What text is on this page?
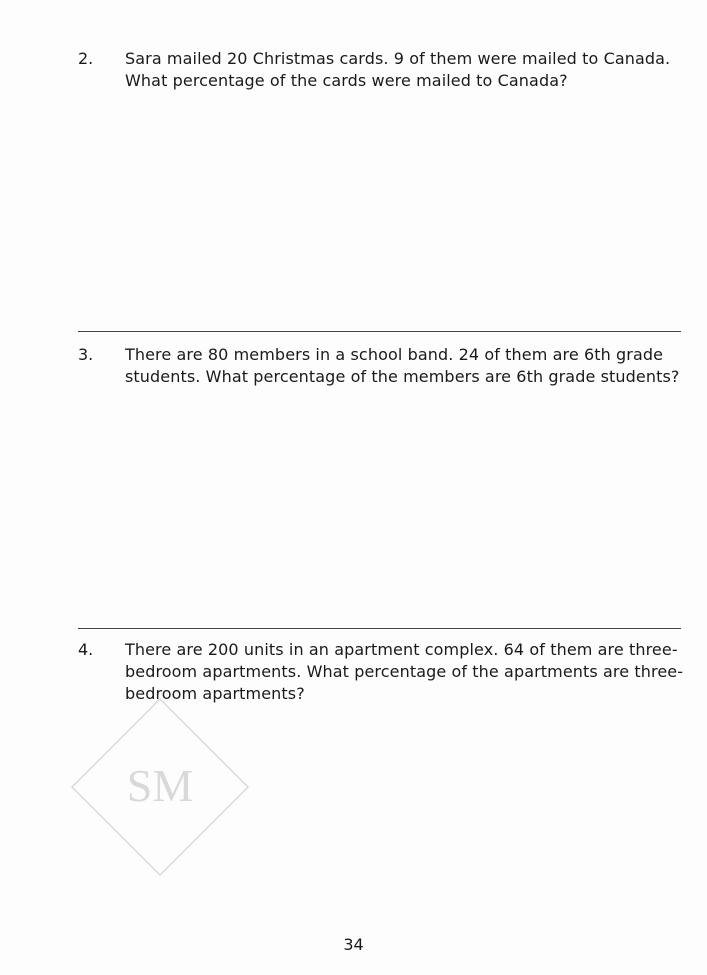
2. Sara mailed 20 Christmas cards. 9 of them were mailed to Canada.
What percentage of the cards were mailed to Canada?
3. There are 80 members in a school band. 24 of them are 6th grade
students. What percentage of the members are 6th grade students?
4. There are 200 units in an apartment complex. 64 of them are three-
bedroom apartments. What percentage of the apartments are three-
bedroom apartments?
SM
34
